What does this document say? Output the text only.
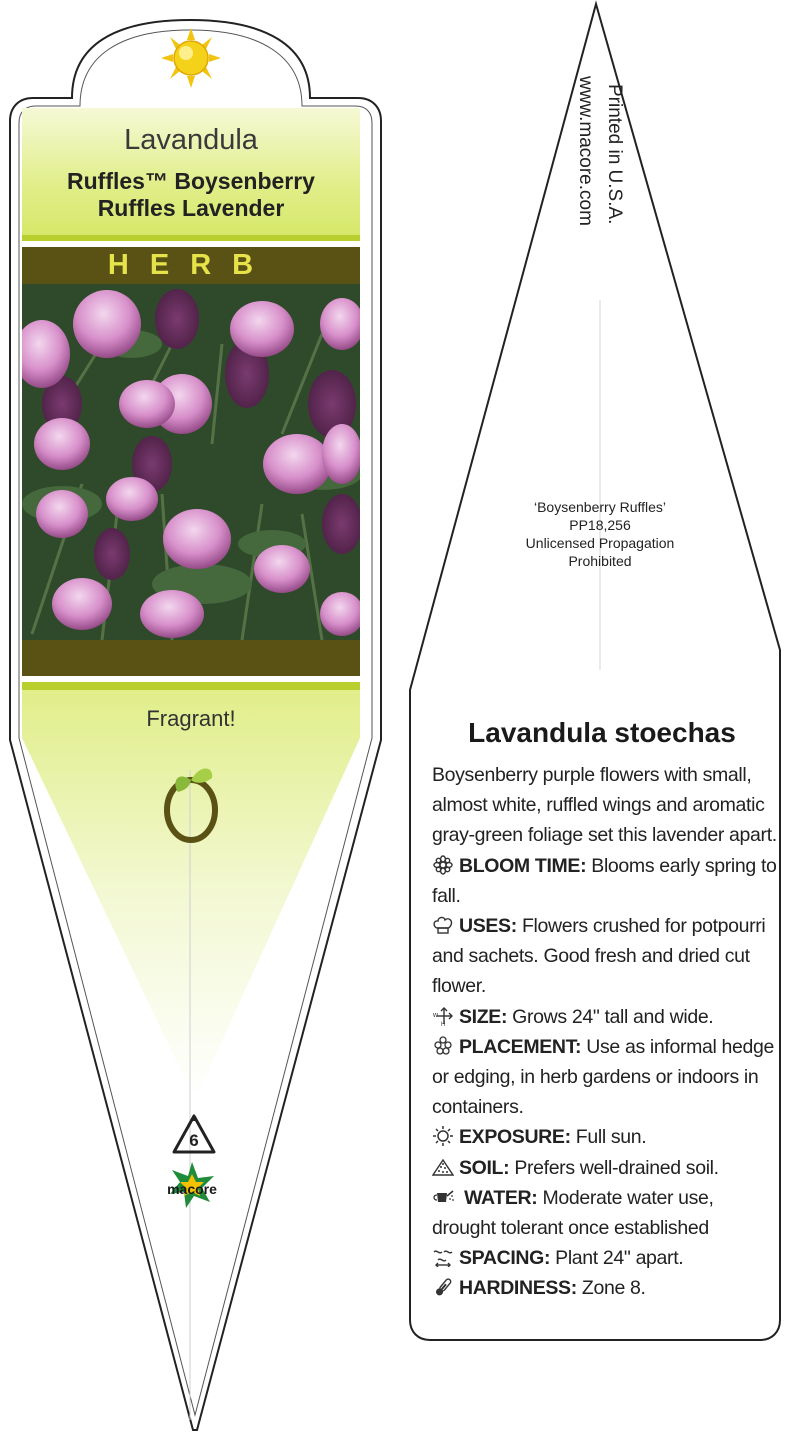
Lavandula
Ruffles™ Boysenberry
Ruffles Lavender
HERB
Fragrant!
6
macore
Printed in U.S.A.
www.macore.com
‘Boysenberry Ruffles’
PP18,256
Unlicensed Propagation
Prohibited
Lavandula stoechas

Boysenberry purple flowers with small, almost white, ruffled wings and aromatic gray-green foliage set this lavender apart.

BLOOM TIME: Blooms early spring to fall.

USES: Flowers crushed for potpourri and sachets. Good fresh and dried cut flower.

w
H SIZE: Grows 24" tall and wide.

PLACEMENT: Use as informal hedge or edging, in herb gardens or indoors in containers.

EXPOSURE: Full sun.

SOIL: Prefers well-drained soil.

WATER: Moderate water use, drought tolerant once established

SPACING: Plant 24" apart.

HARDINESS: Zone 8.
